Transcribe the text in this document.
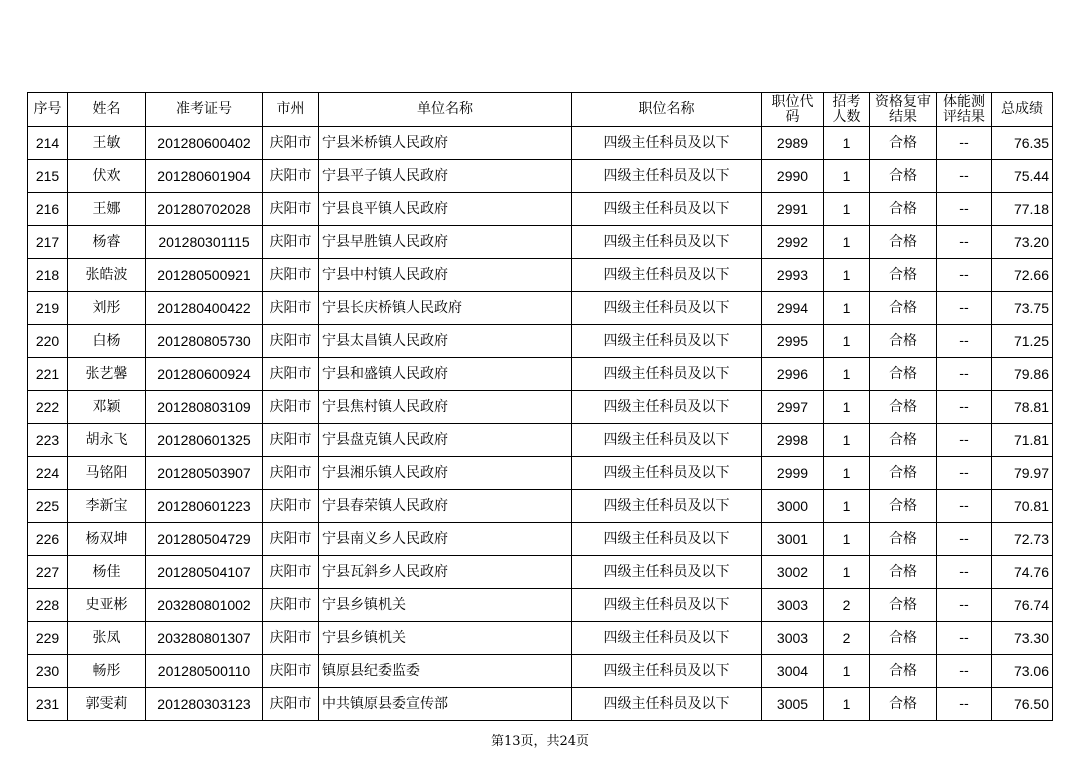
序号	姓名	准考证号	市州	单位名称	职位名称	职位代码	招考人数	资格复审结果	体能测评结果	总成绩
214	王敏	201280600402	庆阳市	宁县米桥镇人民政府	四级主任科员及以下	2989	1	合格	--	76.35
215	伏欢	201280601904	庆阳市	宁县平子镇人民政府	四级主任科员及以下	2990	1	合格	--	75.44
216	王娜	201280702028	庆阳市	宁县良平镇人民政府	四级主任科员及以下	2991	1	合格	--	77.18
217	杨睿	201280301115	庆阳市	宁县早胜镇人民政府	四级主任科员及以下	2992	1	合格	--	73.20
218	张皓波	201280500921	庆阳市	宁县中村镇人民政府	四级主任科员及以下	2993	1	合格	--	72.66
219	刘彤	201280400422	庆阳市	宁县长庆桥镇人民政府	四级主任科员及以下	2994	1	合格	--	73.75
220	白杨	201280805730	庆阳市	宁县太昌镇人民政府	四级主任科员及以下	2995	1	合格	--	71.25
221	张艺馨	201280600924	庆阳市	宁县和盛镇人民政府	四级主任科员及以下	2996	1	合格	--	79.86
222	邓颖	201280803109	庆阳市	宁县焦村镇人民政府	四级主任科员及以下	2997	1	合格	--	78.81
223	胡永飞	201280601325	庆阳市	宁县盘克镇人民政府	四级主任科员及以下	2998	1	合格	--	71.81
224	马铭阳	201280503907	庆阳市	宁县湘乐镇人民政府	四级主任科员及以下	2999	1	合格	--	79.97
225	李新宝	201280601223	庆阳市	宁县春荣镇人民政府	四级主任科员及以下	3000	1	合格	--	70.81
226	杨双坤	201280504729	庆阳市	宁县南义乡人民政府	四级主任科员及以下	3001	1	合格	--	72.73
227	杨佳	201280504107	庆阳市	宁县瓦斜乡人民政府	四级主任科员及以下	3002	1	合格	--	74.76
228	史亚彬	203280801002	庆阳市	宁县乡镇机关	四级主任科员及以下	3003	2	合格	--	76.74
229	张凤	203280801307	庆阳市	宁县乡镇机关	四级主任科员及以下	3003	2	合格	--	73.30
230	畅彤	201280500110	庆阳市	镇原县纪委监委	四级主任科员及以下	3004	1	合格	--	73.06
231	郭雯莉	201280303123	庆阳市	中共镇原县委宣传部	四级主任科员及以下	3005	1	合格	--	76.50
第13页，共24页
